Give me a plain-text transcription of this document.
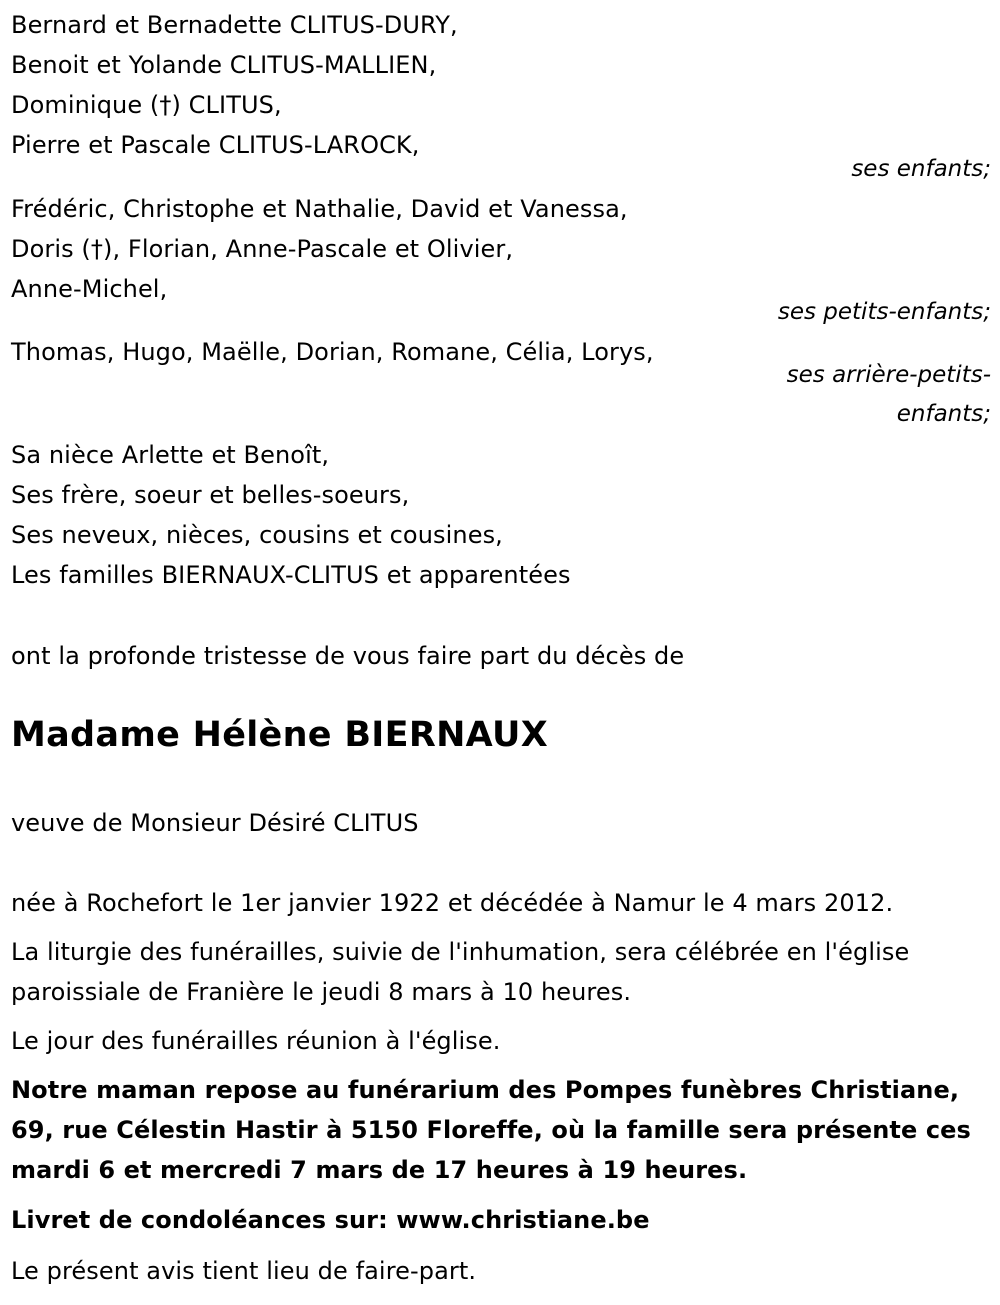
Bernard et Bernadette CLITUS-DURY,
Benoit et Yolande CLITUS-MALLIEN,
Dominique (†) CLITUS,
Pierre et Pascale CLITUS-LAROCK,
ses enfants;
Frédéric, Christophe et Nathalie, David et Vanessa,
Doris (†), Florian, Anne-Pascale et Olivier,
Anne-Michel,
ses petits-enfants;
Thomas, Hugo, Maëlle, Dorian, Romane, Célia, Lorys,
ses arrière-petits-
enfants;
Sa nièce Arlette et Benoît,
Ses frère, soeur et belles-soeurs,
Ses neveux, nièces, cousins et cousines,
Les familles BIERNAUX-CLITUS et apparentées
ont la profonde tristesse de vous faire part du décès de
Madame Hélène BIERNAUX
veuve de Monsieur Désiré CLITUS
née à Rochefort le 1er janvier 1922 et décédée à Namur le 4 mars 2012.
La liturgie des funérailles, suivie de l'inhumation, sera célébrée en l'église
paroissiale de Franière le jeudi 8 mars à 10 heures.
Le jour des funérailles réunion à l'église.
Notre maman repose au funérarium des Pompes funèbres Christiane,
69, rue Célestin Hastir à 5150 Floreffe, où la famille sera présente ces
mardi 6 et mercredi 7 mars de 17 heures à 19 heures.
Livret de condoléances sur: www.christiane.be
Le présent avis tient lieu de faire-part.
